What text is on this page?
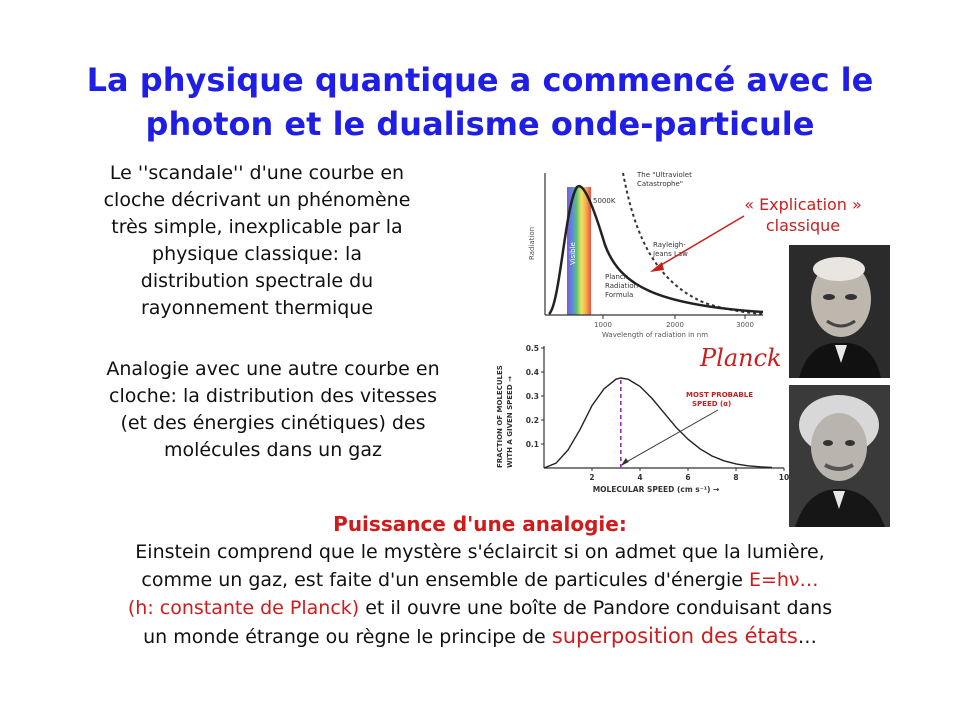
La physique quantique a commencé avec le
photon et le dualisme onde-particule
Le ''scandale'' d'une courbe en
cloche décrivant un phénomène
très simple, inexplicable par la
physique classique: la
distribution spectrale du
rayonnement thermique
Analogie avec une autre courbe en
cloche: la distribution des vitesses
(et des énergies cinétiques) des
molécules dans un gaz
Radiation
1000	2000	3000
Wavelength of radiation in nm
5000K
Visible
The "Ultraviolet
Catastrophe"
Rayleigh-
Jeans Law
Planck
Radiation
Formula
« Explication »
classique
FRACTION OF MOLECULES WITH A GIVEN SPEED →
MOLECULAR SPEED (cm s⁻¹) →
MOST PROBABLE
SPEED (α)
0.1
0.2
0.3
0.4
0.5
2	4	6	8	10
Planck
Puissance d'une analogie:
Einstein comprend que le mystère s'éclaircit si on admet que la lumière,
comme un gaz, est faite d'un ensemble de particules d'énergie E=hν…
(h: constante de Planck) et il ouvre une boîte de Pandore conduisant dans
un monde étrange ou règne le principe de superposition des états…
